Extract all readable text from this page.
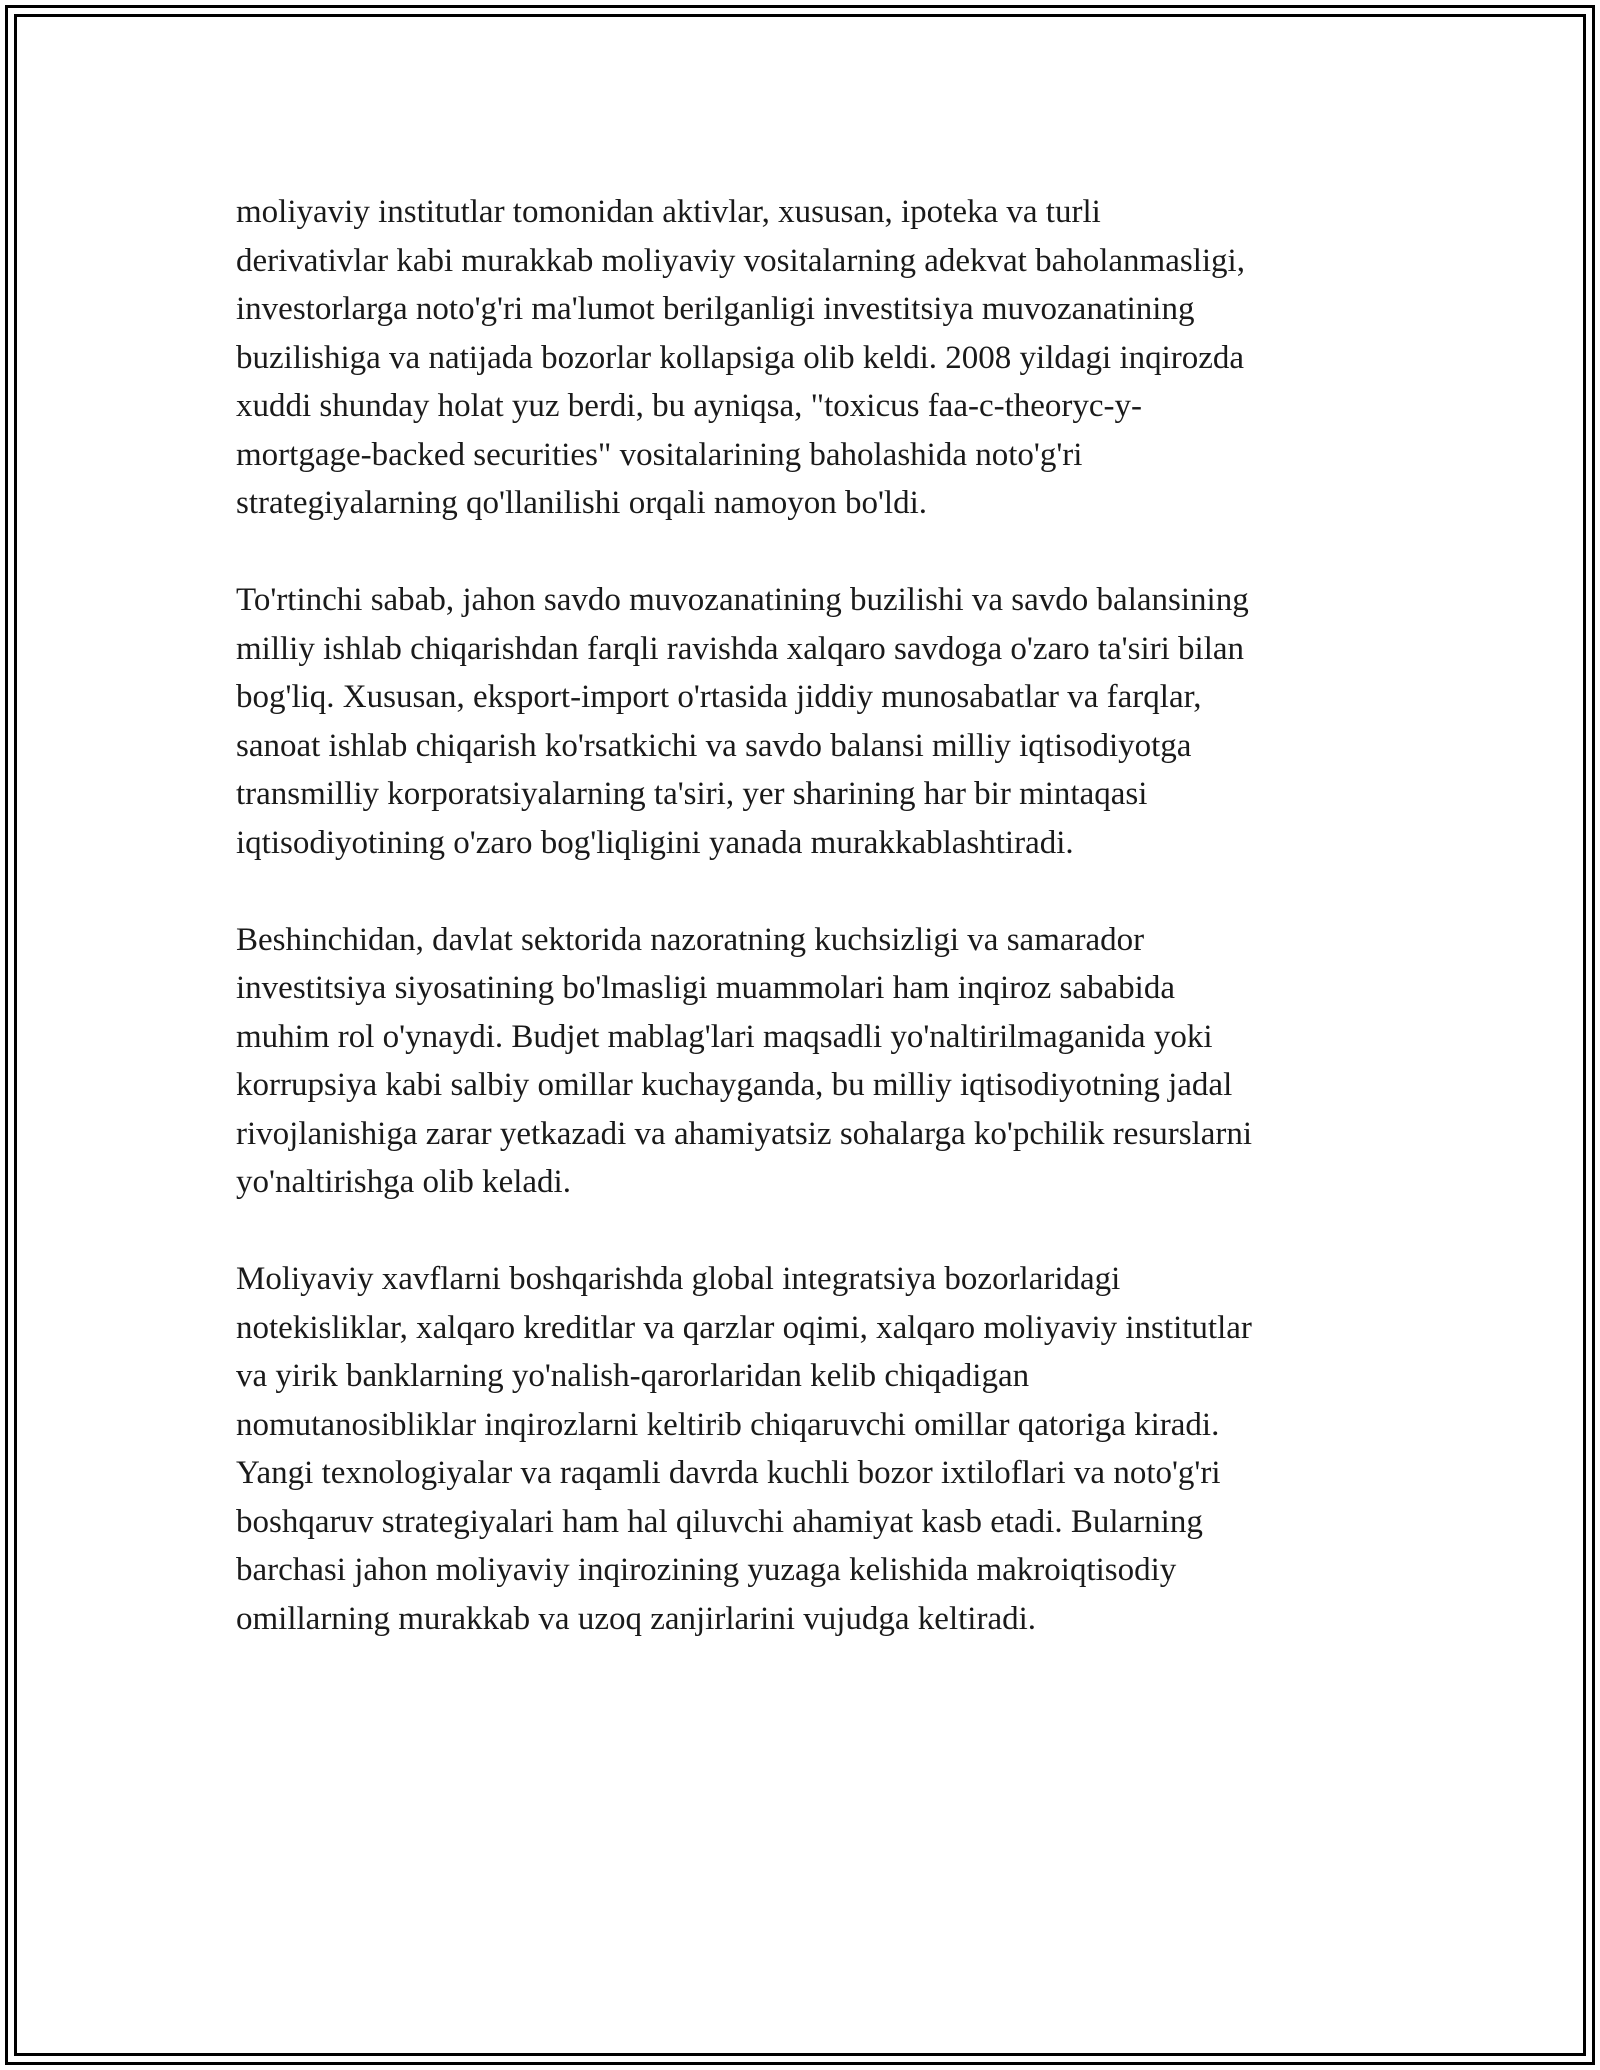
moliyaviy institutlar tomonidan aktivlar, xususan, ipoteka va turli
derivativlar kabi murakkab moliyaviy vositalarning adekvat baholanmasligi,
investorlarga noto'g'ri ma'lumot berilganligi investitsiya muvozanatining
buzilishiga va natijada bozorlar kollapsiga olib keldi. 2008 yildagi inqirozda
xuddi shunday holat yuz berdi, bu ayniqsa, "toxicus faa-c-theoryc-y-
mortgage-backed securities" vositalarining baholashida noto'g'ri
strategiyalarning qo'llanilishi orqali namoyon bo'ldi.

To'rtinchi sabab, jahon savdo muvozanatining buzilishi va savdo balansining
milliy ishlab chiqarishdan farqli ravishda xalqaro savdoga o'zaro ta'siri bilan
bog'liq. Xususan, eksport-import o'rtasida jiddiy munosabatlar va farqlar,
sanoat ishlab chiqarish ko'rsatkichi va savdo balansi milliy iqtisodiyotga
transmilliy korporatsiyalarning ta'siri, yer sharining har bir mintaqasi
iqtisodiyotining o'zaro bog'liqligini yanada murakkablashtiradi.

Beshinchidan, davlat sektorida nazoratning kuchsizligi va samarador
investitsiya siyosatining bo'lmasligi muammolari ham inqiroz sababida
muhim rol o'ynaydi. Budjet mablag'lari maqsadli yo'naltirilmaganida yoki
korrupsiya kabi salbiy omillar kuchayganda, bu milliy iqtisodiyotning jadal
rivojlanishiga zarar yetkazadi va ahamiyatsiz sohalarga ko'pchilik resurslarni
yo'naltirishga olib keladi.

Moliyaviy xavflarni boshqarishda global integratsiya bozorlaridagi
notekisliklar, xalqaro kreditlar va qarzlar oqimi, xalqaro moliyaviy institutlar
va yirik banklarning yo'nalish-qarorlaridan kelib chiqadigan
nomutanosibliklar inqirozlarni keltirib chiqaruvchi omillar qatoriga kiradi.
Yangi texnologiyalar va raqamli davrda kuchli bozor ixtiloflari va noto'g'ri
boshqaruv strategiyalari ham hal qiluvchi ahamiyat kasb etadi. Bularning
barchasi jahon moliyaviy inqirozining yuzaga kelishida makroiqtisodiy
omillarning murakkab va uzoq zanjirlarini vujudga keltiradi.
